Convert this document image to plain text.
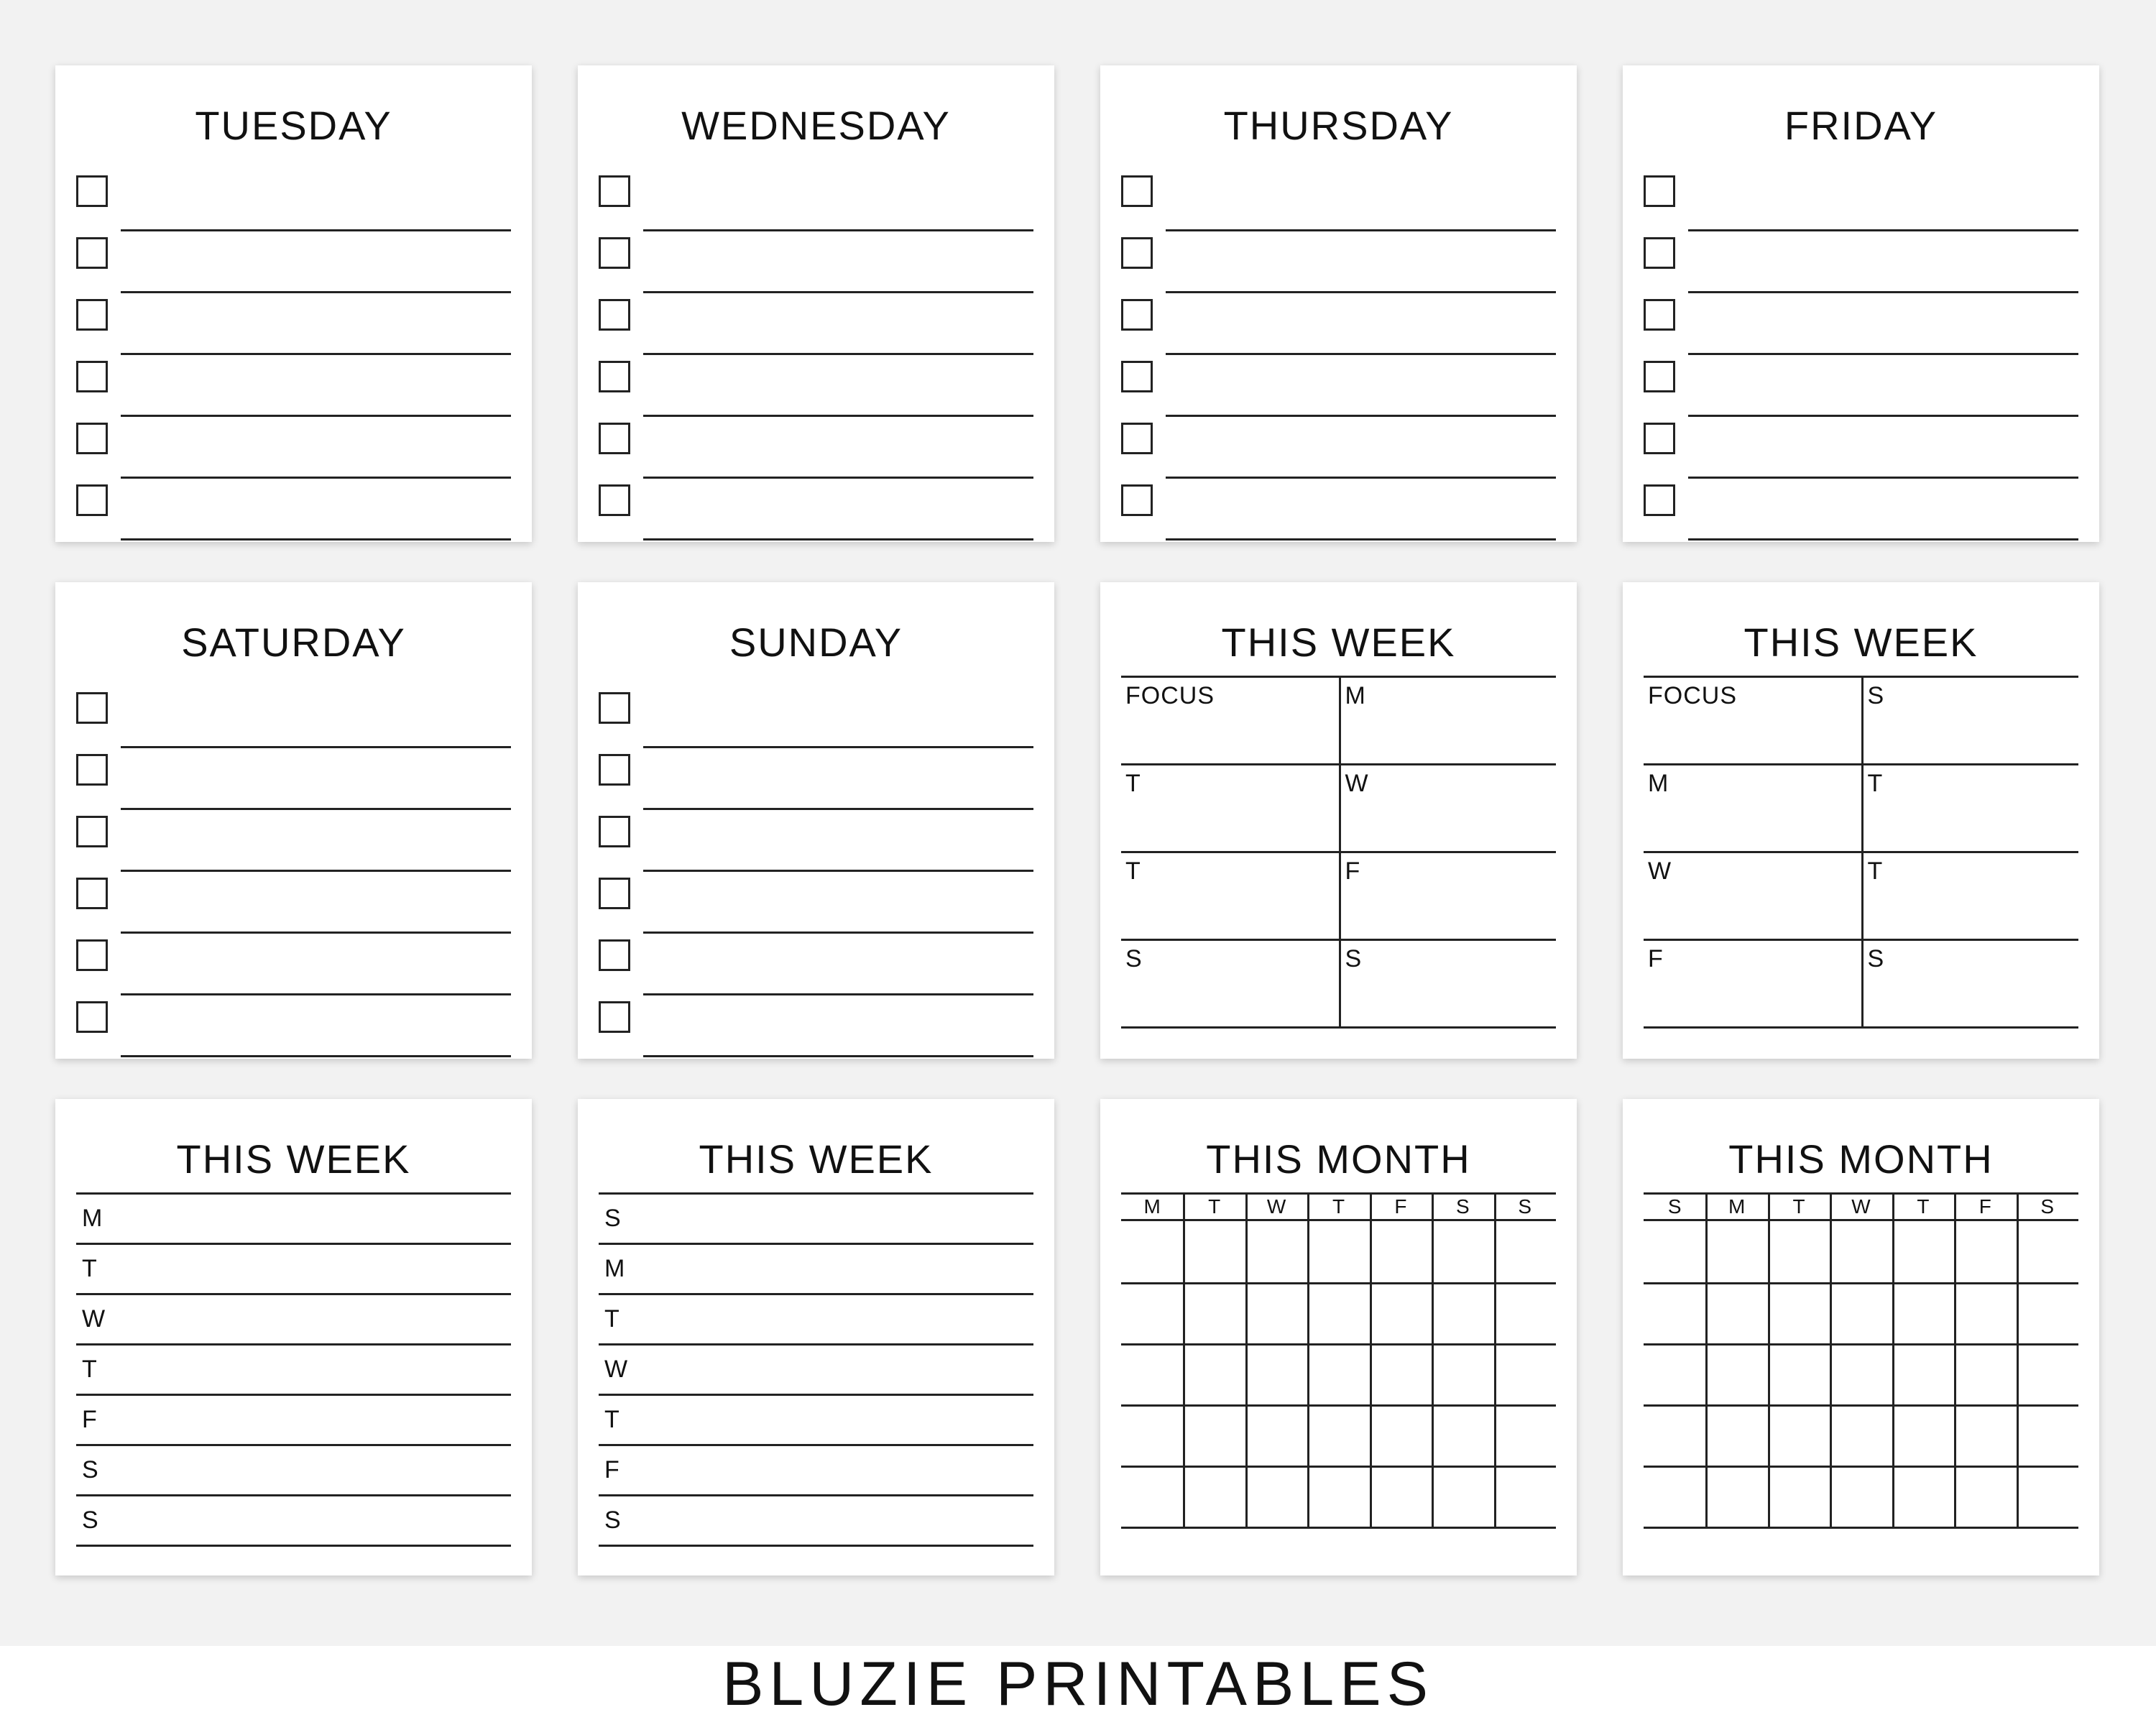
TUESDAY	WEDNESDAY	THURSDAY	FRIDAY
SATURDAY	SUNDAY	THIS WEEK
FOCUS	M
T	W
T	F
S	S
THIS WEEK
FOCUS	S
M	T
W	T
F	S
THIS WEEK
M
T
W
T
F
S
S
THIS WEEK
S
M
T
W
T
F
S
THIS MONTH
M	T	W	T	F	S	S
THIS MONTH
S	M	T	W	T	F	S
BLUZIE PRINTABLES
